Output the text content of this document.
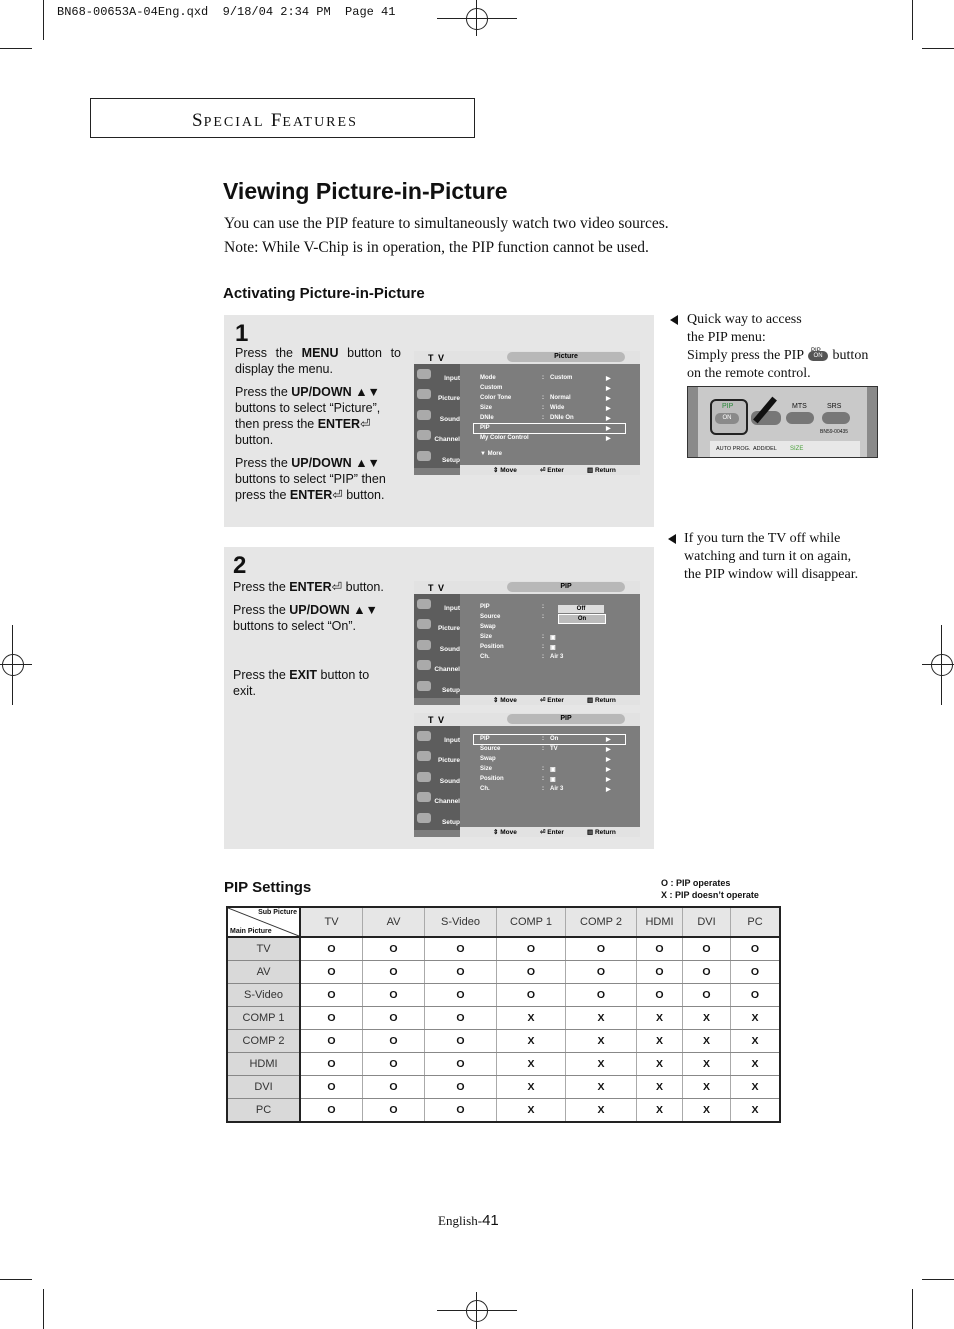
BN68-00653A-04Eng.qxd  9/18/04 2:34 PM  Page 41
SPECIAL FEATURES
Viewing Picture-in-Picture
You can use the PIP feature to simultaneously watch two video sources.
Note: While V-Chip is in operation, the PIP function cannot be used.
Activating Picture-in-Picture
1

Press the MENU button to display the menu.

Press the UP/DOWN ▲▼ buttons to select “Picture”, then press the ENTER⏎ button.

Press the UP/DOWN ▲▼ buttons to select “PIP” then press the ENTER⏎ button.

T V	Picture
Input
Picture
Sound
Channel
Setup
Mode	: Custom	▶
Custom	▶
Color Tone	: Normal	▶
Size	: Wide	▶
DNIe	: DNIe On	▶
PIP	▶
My Color Control	▶
▼ More
⇕ Move	⏎ Enter	▥ Return
2

Press the ENTER⏎ button.

Press the UP/DOWN ▲▼ buttons to select “On”.

Press the EXIT button to exit.

T V	PIP
Input
Picture
Sound
Channel
Setup
PIP	:
Source	:
Swap
Size	: ▣
Position	: ▣
Ch.	: Air 3
Off
On
⇕ Move	⏎ Enter	▥ Return
T V	PIP
Input
Picture
Sound
Channel
Setup
PIP	: On	▶
Source	: TV	▶
Swap	▶
Size	: ▣	▶
Position	: ▣	▶
Ch.	: Air 3	▶
⇕ Move	⏎ Enter	▥ Return
Quick way to access
the PIP menu:
Simply press the PIP	ON button
on the remote control.
PIP
ON
MTS	SRS
BN59-00435
AUTO PROG. ADD/DEL SIZE
If you turn the TV off while
watching and turn it on again,
the PIP window will disappear.
PIP Settings	O : PIP operates
X : PIP doesn’t operate
Sub Picture
Main Picture	TV	AV	S-Video	COMP 1	COMP 2	HDMI	DVI	PC
TV	O	O	O	O	O	O	O	O
AV	O	O	O	O	O	O	O	O
S-Video	O	O	O	O	O	O	O	O
COMP 1	O	O	O	X	X	X	X	X
COMP 2	O	O	O	X	X	X	X	X
HDMI	O	O	O	X	X	X	X	X
DVI	O	O	O	X	X	X	X	X
PC	O	O	O	X	X	X	X	X
English-41
